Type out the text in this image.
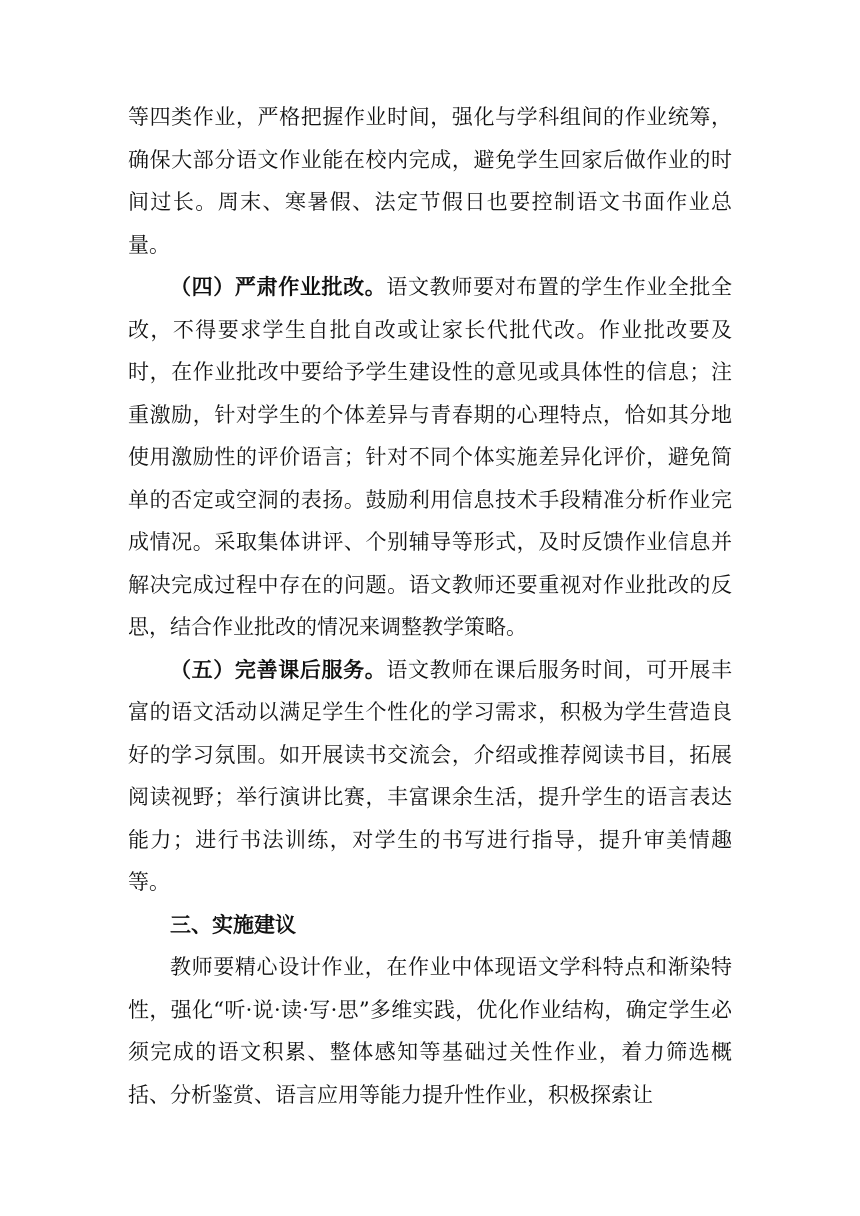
等四类作业，严格把握作业时间，强化与学科组间的作业统筹，确保大部分语文作业能在校内完成，避免学生回家后做作业的时间过长。周末、寒暑假、法定节假日也要控制语文书面作业总量。

（四）严肃作业批改。语文教师要对布置的学生作业全批全改，不得要求学生自批自改或让家长代批代改。作业批改要及时，在作业批改中要给予学生建设性的意见或具体性的信息；注重激励，针对学生的个体差异与青春期的心理特点，恰如其分地使用激励性的评价语言；针对不同个体实施差异化评价，避免简单的否定或空洞的表扬。鼓励利用信息技术手段精准分析作业完成情况。采取集体讲评、个别辅导等形式，及时反馈作业信息并解决完成过程中存在的问题。语文教师还要重视对作业批改的反思，结合作业批改的情况来调整教学策略。

（五）完善课后服务。语文教师在课后服务时间，可开展丰富的语文活动以满足学生个性化的学习需求，积极为学生营造良好的学习氛围。如开展读书交流会，介绍或推荐阅读书目，拓展阅读视野；举行演讲比赛，丰富课余生活，提升学生的语言表达能力；进行书法训练，对学生的书写进行指导，提升审美情趣等。

三、实施建议

教师要精心设计作业，在作业中体现语文学科特点和渐染特性，强化“听·说·读·写·思”多维实践，优化作业结构，确定学生必须完成的语文积累、整体感知等基础过关性作业，着力筛选概括、分析鉴赏、语言应用等能力提升性作业，积极探索让
